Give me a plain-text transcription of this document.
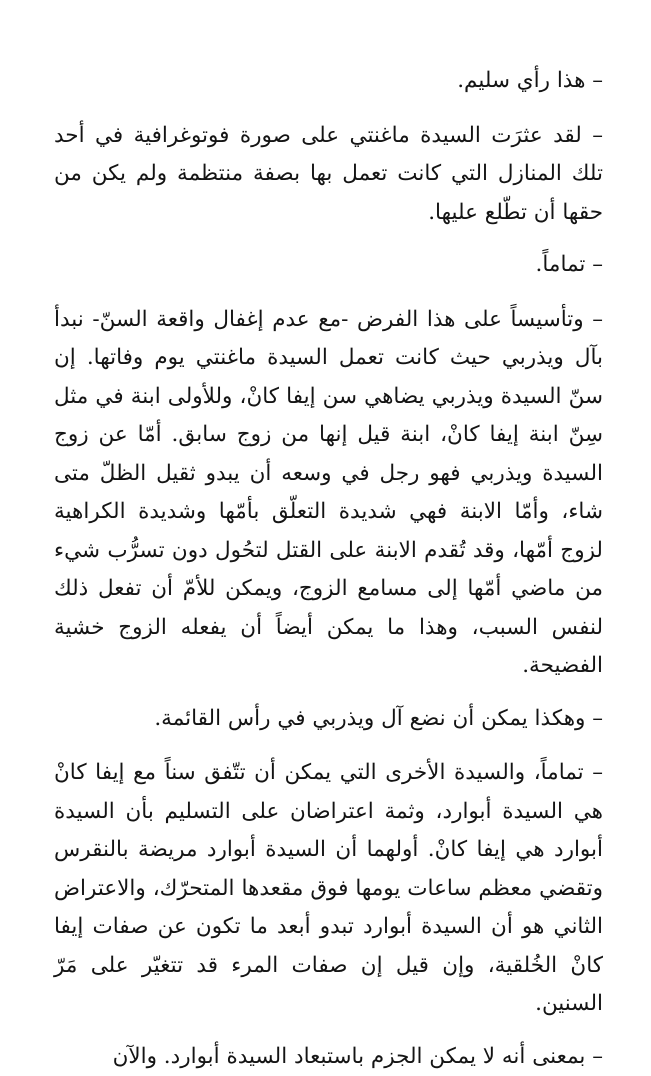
– هذا رأي سليم.

– لقد عثرَت السيدة ماغنتي على صورة فوتوغرافية في أحد تلك المنازل التي كانت تعمل بها بصفة منتظمة ولم يكن من حقها أن تطّلع عليها.

– تماماً.

– وتأسيساً على هذا الفرض -مع عدم إغفال واقعة السنّ- نبدأ بآل ويذربي حيث كانت تعمل السيدة ماغنتي يوم وفاتها. إن سنّ السيدة ويذربي يضاهي سن إيفا كانْ، وللأولى ابنة في مثل سِنّ ابنة إيفا كانْ، ابنة قيل إنها من زوج سابق. أمّا عن زوج السيدة ويذربي فهو رجل في وسعه أن يبدو ثقيل الظلّ متى شاء، وأمّا الابنة فهي شديدة التعلّق بأمّها وشديدة الكراهية لزوج أمّها، وقد تُقدم الابنة على القتل لتحُول دون تسرُّب شيء من ماضي أمّها إلى مسامع الزوج، ويمكن للأمّ أن تفعل ذلك لنفس السبب، وهذا ما يمكن أيضاً أن يفعله الزوج خشية الفضيحة.

– وهكذا يمكن أن نضع آل ويذربي في رأس القائمة.

– تماماً، والسيدة الأخرى التي يمكن أن تتّفق سناً مع إيفا كانْ هي السيدة أبوارد، وثمة اعتراضان على التسليم بأن السيدة أبوارد هي إيفا كانْ. أولهما أن السيدة أبوارد مريضة بالنقرس وتقضي معظم ساعات يومها فوق مقعدها المتحرّك، والاعتراض الثاني هو أن السيدة أبوارد تبدو أبعد ما تكون عن صفات إيفا كانْ الخُلقية، وإن قيل إن صفات المرء قد تتغيّر على مَرّ السنين.

– بمعنى أنه لا يمكن الجزم باستبعاد السيدة أبوارد. والآن
